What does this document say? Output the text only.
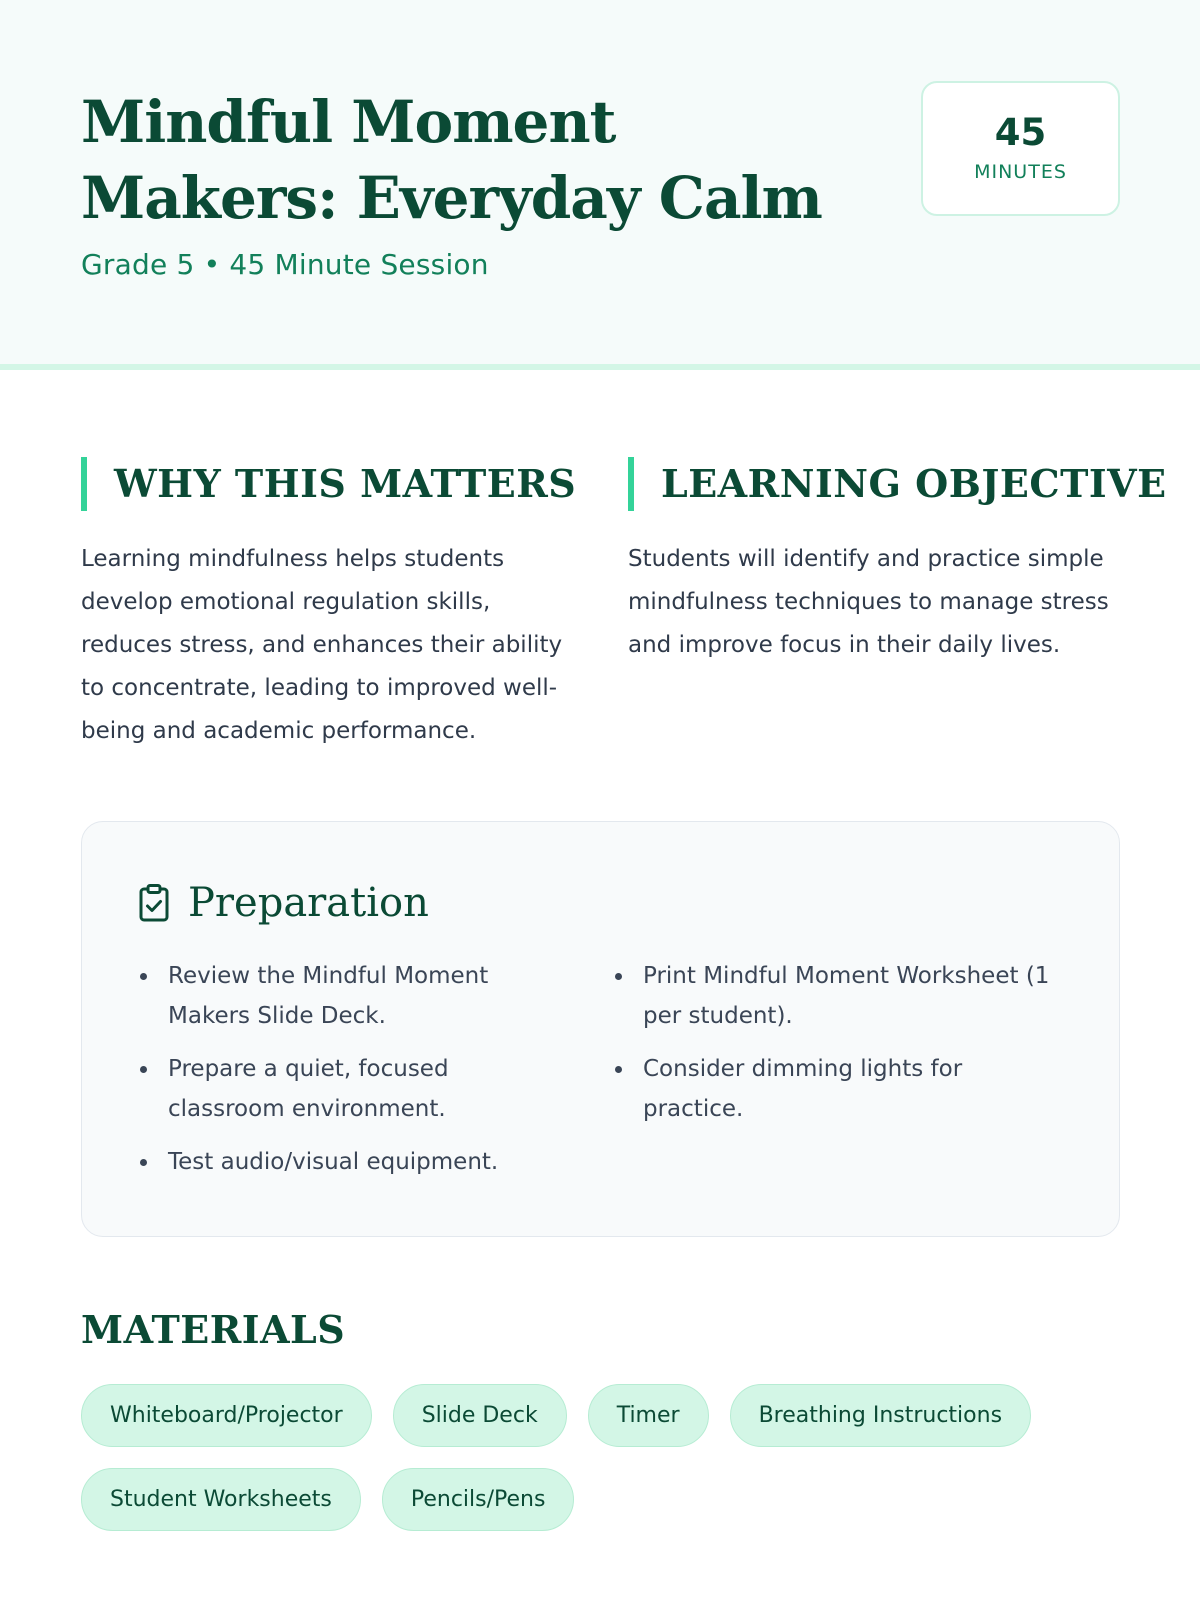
Mindful Moment Makers: Everyday Calm
Grade 5 • 45 Minute Session
45
MINUTES
WHY THIS MATTERS

Learning mindfulness helps students develop emotional regulation skills, reduces stress, and enhances their ability to concentrate, leading to improved well-being and academic performance.

LEARNING OBJECTIVE

Students will identify and practice simple mindfulness techniques to manage stress and improve focus in their daily lives.

Preparation
Review the Mindful Moment Makers Slide Deck.
Prepare a quiet, focused classroom environment.
Test audio/visual equipment.
Print Mindful Moment Worksheet (1 per student).
Consider dimming lights for practice.
MATERIALS
Whiteboard/Projector	Slide Deck	Timer	Breathing Instructions
Student Worksheets	Pencils/Pens
